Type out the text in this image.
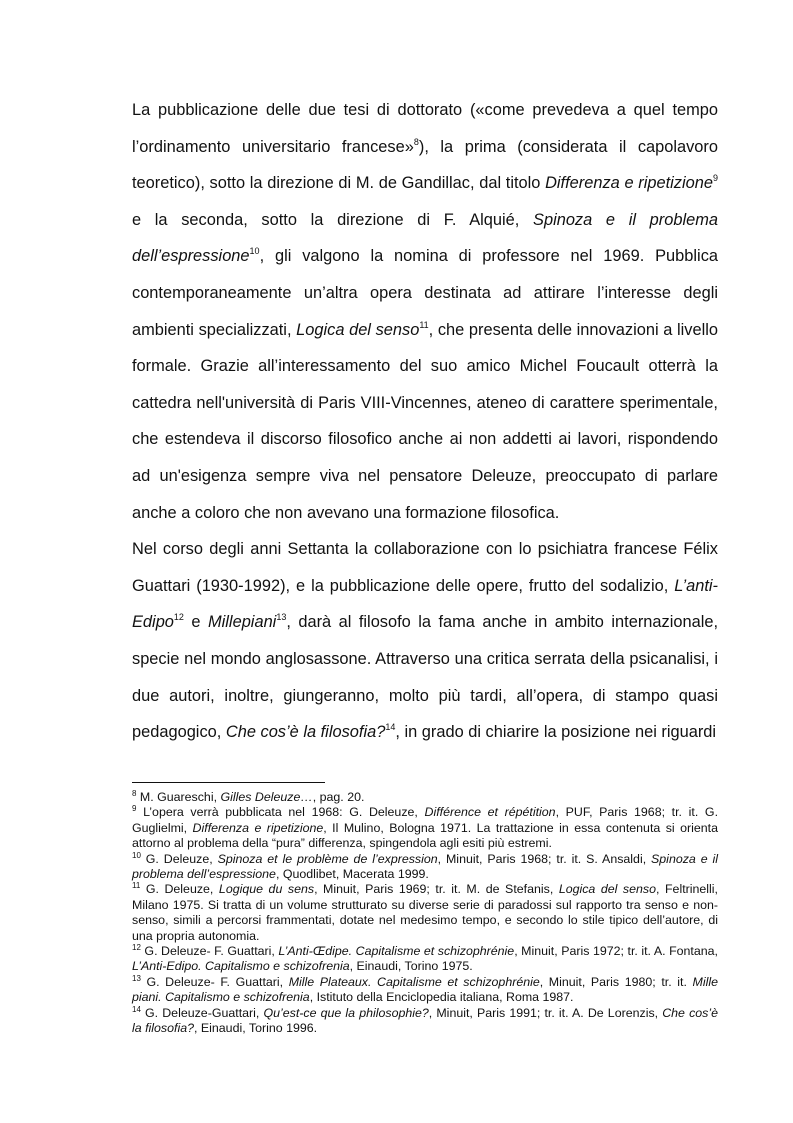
La pubblicazione delle due tesi di dottorato («come prevedeva a quel tempo l’ordinamento universitario francese»$^8$), la prima (considerata il capolavoro teoretico), sotto la direzione di M. de Gandillac, dal titolo Differenza e ripetizione$^9$ e la seconda, sotto la direzione di F. Alquié, Spinoza e il problema dell’espressione$^{10}$, gli valgono la nomina di professore nel 1969. Pubblica contemporaneamente un’altra opera destinata ad attirare l’interesse degli ambienti specializzati, Logica del senso$^{11}$, che presenta delle innovazioni a livello formale. Grazie all’interessamento del suo amico Michel Foucault otterrà la cattedra nell'università di Paris VIII-Vincennes, ateneo di carattere sperimentale, che estendeva il discorso filosofico anche ai non addetti ai lavori, rispondendo ad un'esigenza sempre viva nel pensatore Deleuze, preoccupato di parlare anche a coloro che non avevano una formazione filosofica.

Nel corso degli anni Settanta la collaborazione con lo psichiatra francese Félix Guattari (1930-1992), e la pubblicazione delle opere, frutto del sodalizio, L’anti-Edipo$^{12}$ e Millepiani$^{13}$, darà al filosofo la fama anche in ambito internazionale, specie nel mondo anglosassone. Attraverso una critica serrata della psicanalisi, i due autori, inoltre, giungeranno, molto più tardi, all’opera, di stampo quasi pedagogico, Che cos’è la filosofia?$^{14}$, in grado di chiarire la posizione nei riguardi

$^8$ M. Guareschi, Gilles Deleuze…, pag. 20.

$^9$ L’opera verrà pubblicata nel 1968: G. Deleuze, Différence et répétition, PUF, Paris 1968; tr. it. G. Guglielmi, Differenza e ripetizione, Il Mulino, Bologna 1971. La trattazione in essa contenuta si orienta attorno al problema della “pura” differenza, spingendola agli esiti più estremi.

$^{10}$ G. Deleuze, Spinoza et le problème de l’expression, Minuit, Paris 1968; tr. it. S. Ansaldi, Spinoza e il problema dell’espressione, Quodlibet, Macerata 1999.

$^{11}$ G. Deleuze, Logique du sens, Minuit, Paris 1969; tr. it. M. de Stefanis, Logica del senso, Feltrinelli, Milano 1975. Si tratta di un volume strutturato su diverse serie di paradossi sul rapporto tra senso e non-senso, simili a percorsi frammentati, dotate nel medesimo tempo, e secondo lo stile tipico dell’autore, di una propria autonomia.

$^{12}$ G. Deleuze- F. Guattari, L’Anti-Œdipe. Capitalisme et schizophrénie, Minuit, Paris 1972; tr. it. A. Fontana, L’Anti-Edipo. Capitalismo e schizofrenia, Einaudi, Torino 1975.

$^{13}$ G. Deleuze- F. Guattari, Mille Plateaux. Capitalisme et schizophrénie, Minuit, Paris 1980; tr. it. Mille piani. Capitalismo e schizofrenia, Istituto della Enciclopedia italiana, Roma 1987.

$^{14}$ G. Deleuze-Guattari, Qu’est-ce que la philosophie?, Minuit, Paris 1991; tr. it. A. De Lorenzis, Che cos’è la filosofia?, Einaudi, Torino 1996.
